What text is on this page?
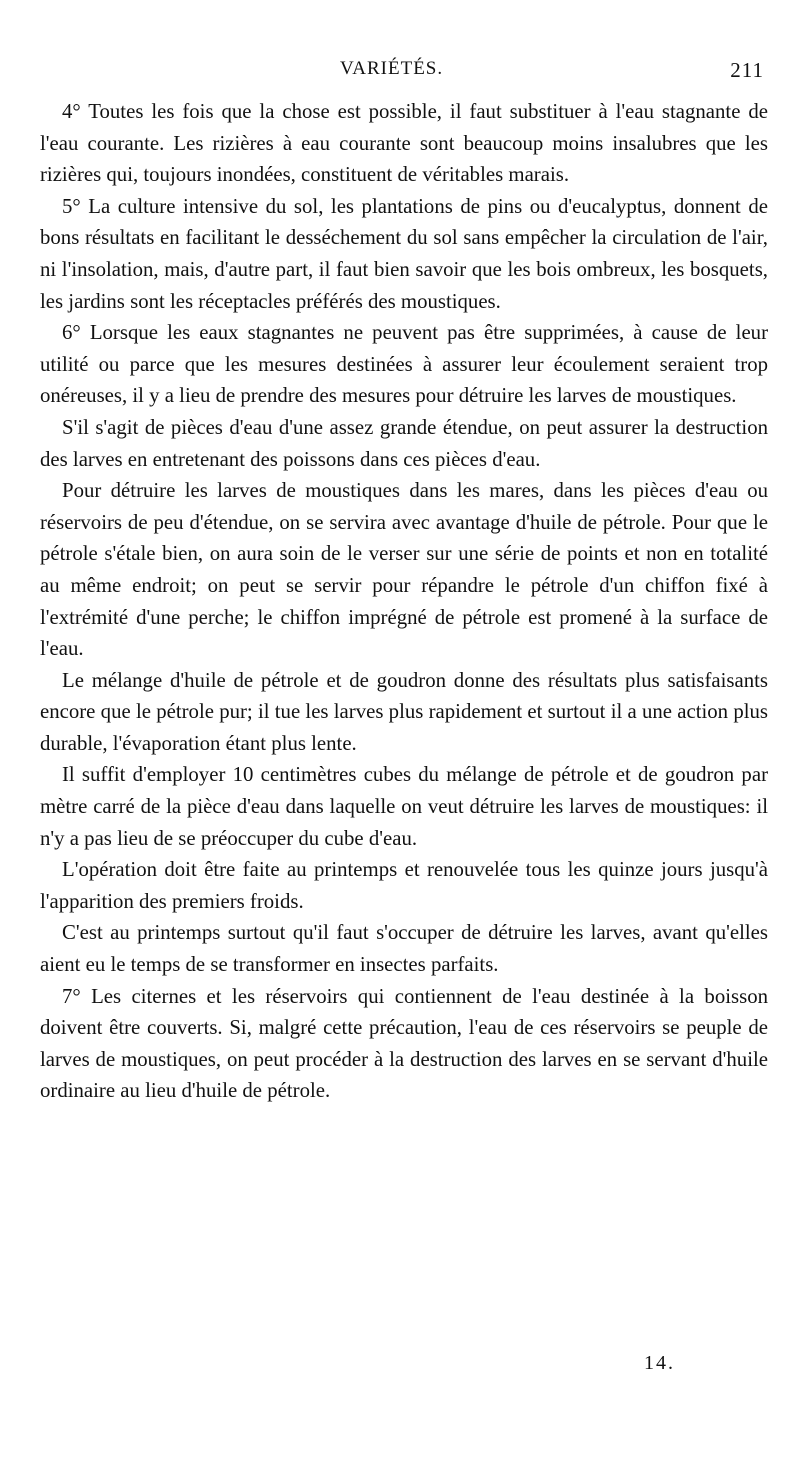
VARIÉTÉS.	211

4° Toutes les fois que la chose est possible, il faut substituer à l'eau stagnante de l'eau courante. Les rizières à eau courante sont beaucoup moins insalubres que les rizières qui, toujours inondées, constituent de véritables marais.

5° La culture intensive du sol, les plantations de pins ou d'eucalyptus, donnent de bons résultats en facilitant le desséchement du sol sans empêcher la circulation de l'air, ni l'insolation, mais, d'autre part, il faut bien savoir que les bois ombreux, les bosquets, les jardins sont les réceptacles préférés des moustiques.

6° Lorsque les eaux stagnantes ne peuvent pas être supprimées, à cause de leur utilité ou parce que les mesures destinées à assurer leur écoulement seraient trop onéreuses, il y a lieu de prendre des mesures pour détruire les larves de moustiques.

S'il s'agit de pièces d'eau d'une assez grande étendue, on peut assurer la destruction des larves en entretenant des poissons dans ces pièces d'eau.

Pour détruire les larves de moustiques dans les mares, dans les pièces d'eau ou réservoirs de peu d'étendue, on se servira avec avantage d'huile de pétrole. Pour que le pétrole s'étale bien, on aura soin de le verser sur une série de points et non en totalité au même endroit; on peut se servir pour répandre le pétrole d'un chiffon fixé à l'extrémité d'une perche; le chiffon imprégné de pétrole est promené à la surface de l'eau.

Le mélange d'huile de pétrole et de goudron donne des résultats plus satisfaisants encore que le pétrole pur; il tue les larves plus rapidement et surtout il a une action plus durable, l'évaporation étant plus lente.

Il suffit d'employer 10 centimètres cubes du mélange de pétrole et de goudron par mètre carré de la pièce d'eau dans laquelle on veut détruire les larves de moustiques: il n'y a pas lieu de se préoccuper du cube d'eau.

L'opération doit être faite au printemps et renouvelée tous les quinze jours jusqu'à l'apparition des premiers froids.

C'est au printemps surtout qu'il faut s'occuper de détruire les larves, avant qu'elles aient eu le temps de se transformer en insectes parfaits.

7° Les citernes et les réservoirs qui contiennent de l'eau destinée à la boisson doivent être couverts. Si, malgré cette précaution, l'eau de ces réservoirs se peuple de larves de moustiques, on peut procéder à la destruction des larves en se servant d'huile ordinaire au lieu d'huile de pétrole.

14.
